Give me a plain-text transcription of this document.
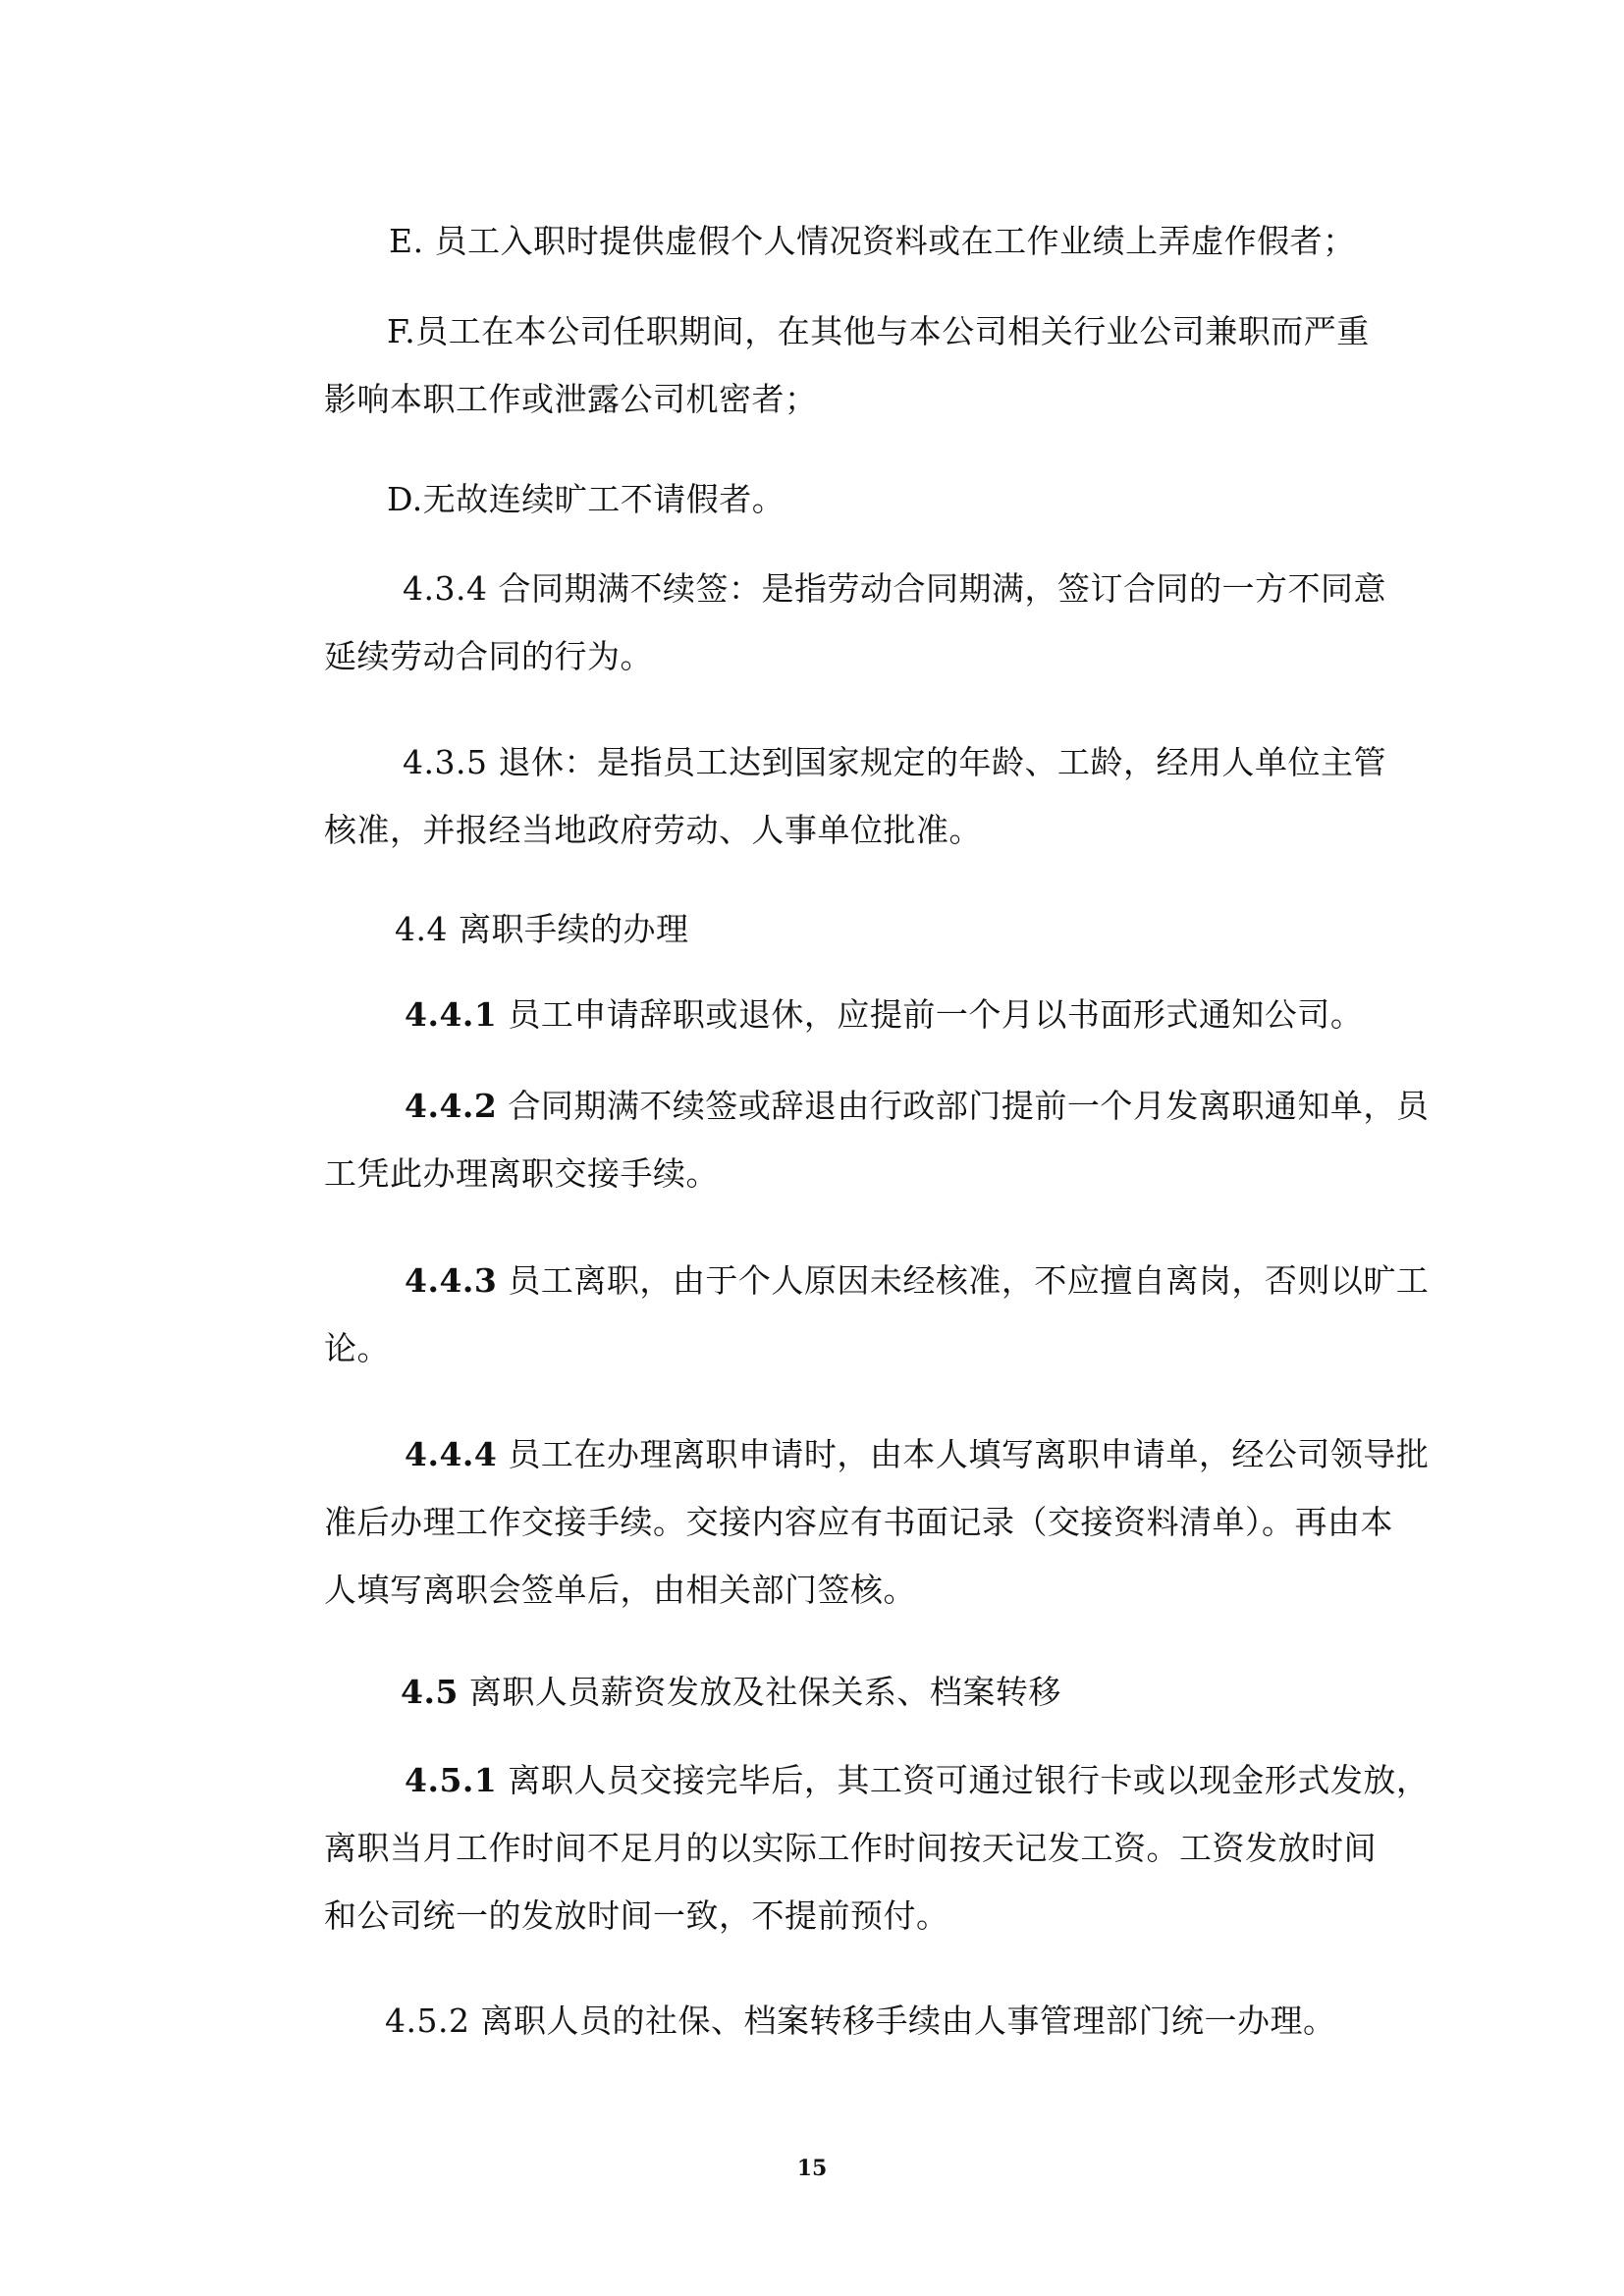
E. 员工入职时提供虚假个人情况资料或在工作业绩上弄虚作假者；

F.员工在本公司任职期间，在其他与本公司相关行业公司兼职而严重
影响本职工作或泄露公司机密者；

D.无故连续旷工不请假者。

4.3.4 合同期满不续签：是指劳动合同期满，签订合同的一方不同意
延续劳动合同的行为。

4.3.5 退休：是指员工达到国家规定的年龄、工龄，经用人单位主管
核准，并报经当地政府劳动、人事单位批准。

4.4 离职手续的办理

4.4.1 员工申请辞职或退休，应提前一个月以书面形式通知公司。

4.4.2 合同期满不续签或辞退由行政部门提前一个月发离职通知单，员
工凭此办理离职交接手续。

4.4.3 员工离职，由于个人原因未经核准，不应擅自离岗，否则以旷工
论。

4.4.4 员工在办理离职申请时，由本人填写离职申请单，经公司领导批
准后办理工作交接手续。交接内容应有书面记录（交接资料清单）。再由本
人填写离职会签单后，由相关部门签核。

4.5 离职人员薪资发放及社保关系、档案转移

4.5.1 离职人员交接完毕后，其工资可通过银行卡或以现金形式发放，
离职当月工作时间不足月的以实际工作时间按天记发工资。工资发放时间
和公司统一的发放时间一致，不提前预付。

4.5.2 离职人员的社保、档案转移手续由人事管理部门统一办理。

15
